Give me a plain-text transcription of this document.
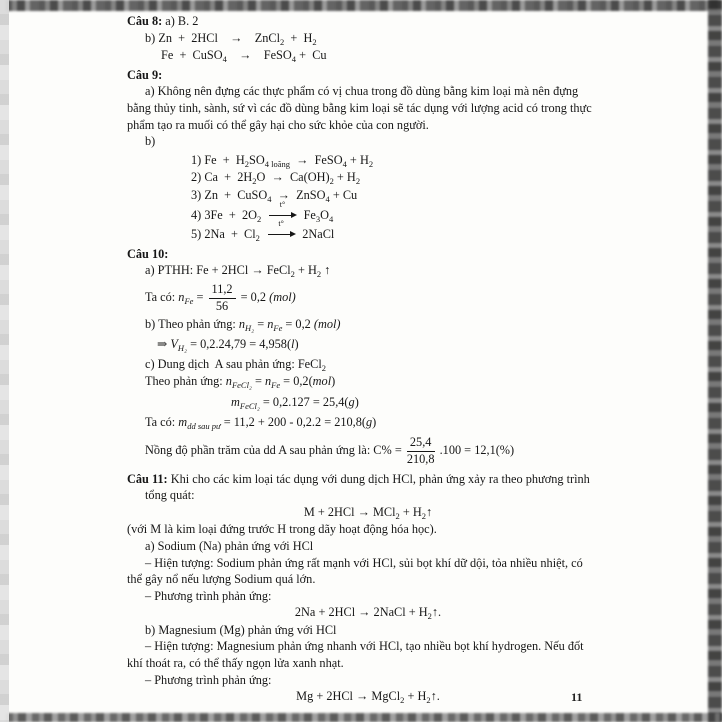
Câu 8: a) B. 2
b) Zn  +  2HCl    →    ZnCl$_2$  +  $H_2$
Fe  +  CuSO$_4$    →    FeSO$_4$ +  Cu
Câu 9:
a) Không nên đựng các thực phẩm có vị chua trong đồ dùng bằng kim loại mà nên đựng
bằng thủy tinh, sành, sứ vì các đồ dùng bằng kim loại sẽ tác dụng với lượng acid có trong thực
phẩm tạo ra muối có thể gây hại cho sức khỏe của con người.
b)
1) $Fe + H_2SO_{4 loãng}$  →  FeSO$_4$ + $H_2$
2) $Ca + 2H_2O \to Ca(OH)_2 + H_2$
3) Zn  +  CuSO$_4$  →  ZnSO$_4$ + Cu
4) $3Fe + 2O_2$
t°
$Fe_3O_4$
5) $2Na + Cl_2$
t°
2NaCl
Câu 10:
a) PTHH: Fe + 2HCl → FeCl$_2$ + $H_2$ ↑
Ta có: $n_{Fe} = \frac{11,2}{56} = 0,2$ (mol)
b) Theo phản ứng: $n_{H_2} = n_{Fe} = 0,2$ (mol)
⇒ $V_{H_2} = 0,2.24,79 = 4,958(l)$
c) Dung dịch  A sau phản ứng: FeCl$_2$
Theo phản ứng: $n_{FeCl_2} = n_{Fe} = 0,2(mol)$
$m_{FeCl_2} = 0,2.127 = 25,4(g)$
Ta có: $m_{dd sau pư} = 11,2 + 200 - 0,2.2 = 210,8(g)$
Nồng độ phần trăm của dd A sau phản ứng là: $C\% = \frac{25,4}{210,8} .100 = 12,1(\%)$
Câu 11: Khi cho các kim loại tác dụng với dung dịch HCl, phản ứng xảy ra theo phương trình
tổng quát:
$M + 2HCl \to MCl_2 + H_2↑$
(với M là kim loại đứng trước H trong dãy hoạt động hóa học).
a) Sodium (Na) phản ứng với HCl
– Hiện tượng: Sodium phản ứng rất mạnh với HCl, sủi bọt khí dữ dội, tỏa nhiều nhiệt, có
thể gây nổ nếu lượng Sodium quá lớn.
– Phương trình phản ứng:
2Na + 2HCl → 2NaCl + $H_2↑$.
b) Magnesium (Mg) phản ứng với HCl
– Hiện tượng: Magnesium phản ứng nhanh với HCl, tạo nhiều bọt khí hydrogen. Nếu đốt
khí thoát ra, có thể thấy ngọn lửa xanh nhạt.
– Phương trình phản ứng:
Mg + 2HCl → MgCl$_2$ + $H_2↑$.	11
